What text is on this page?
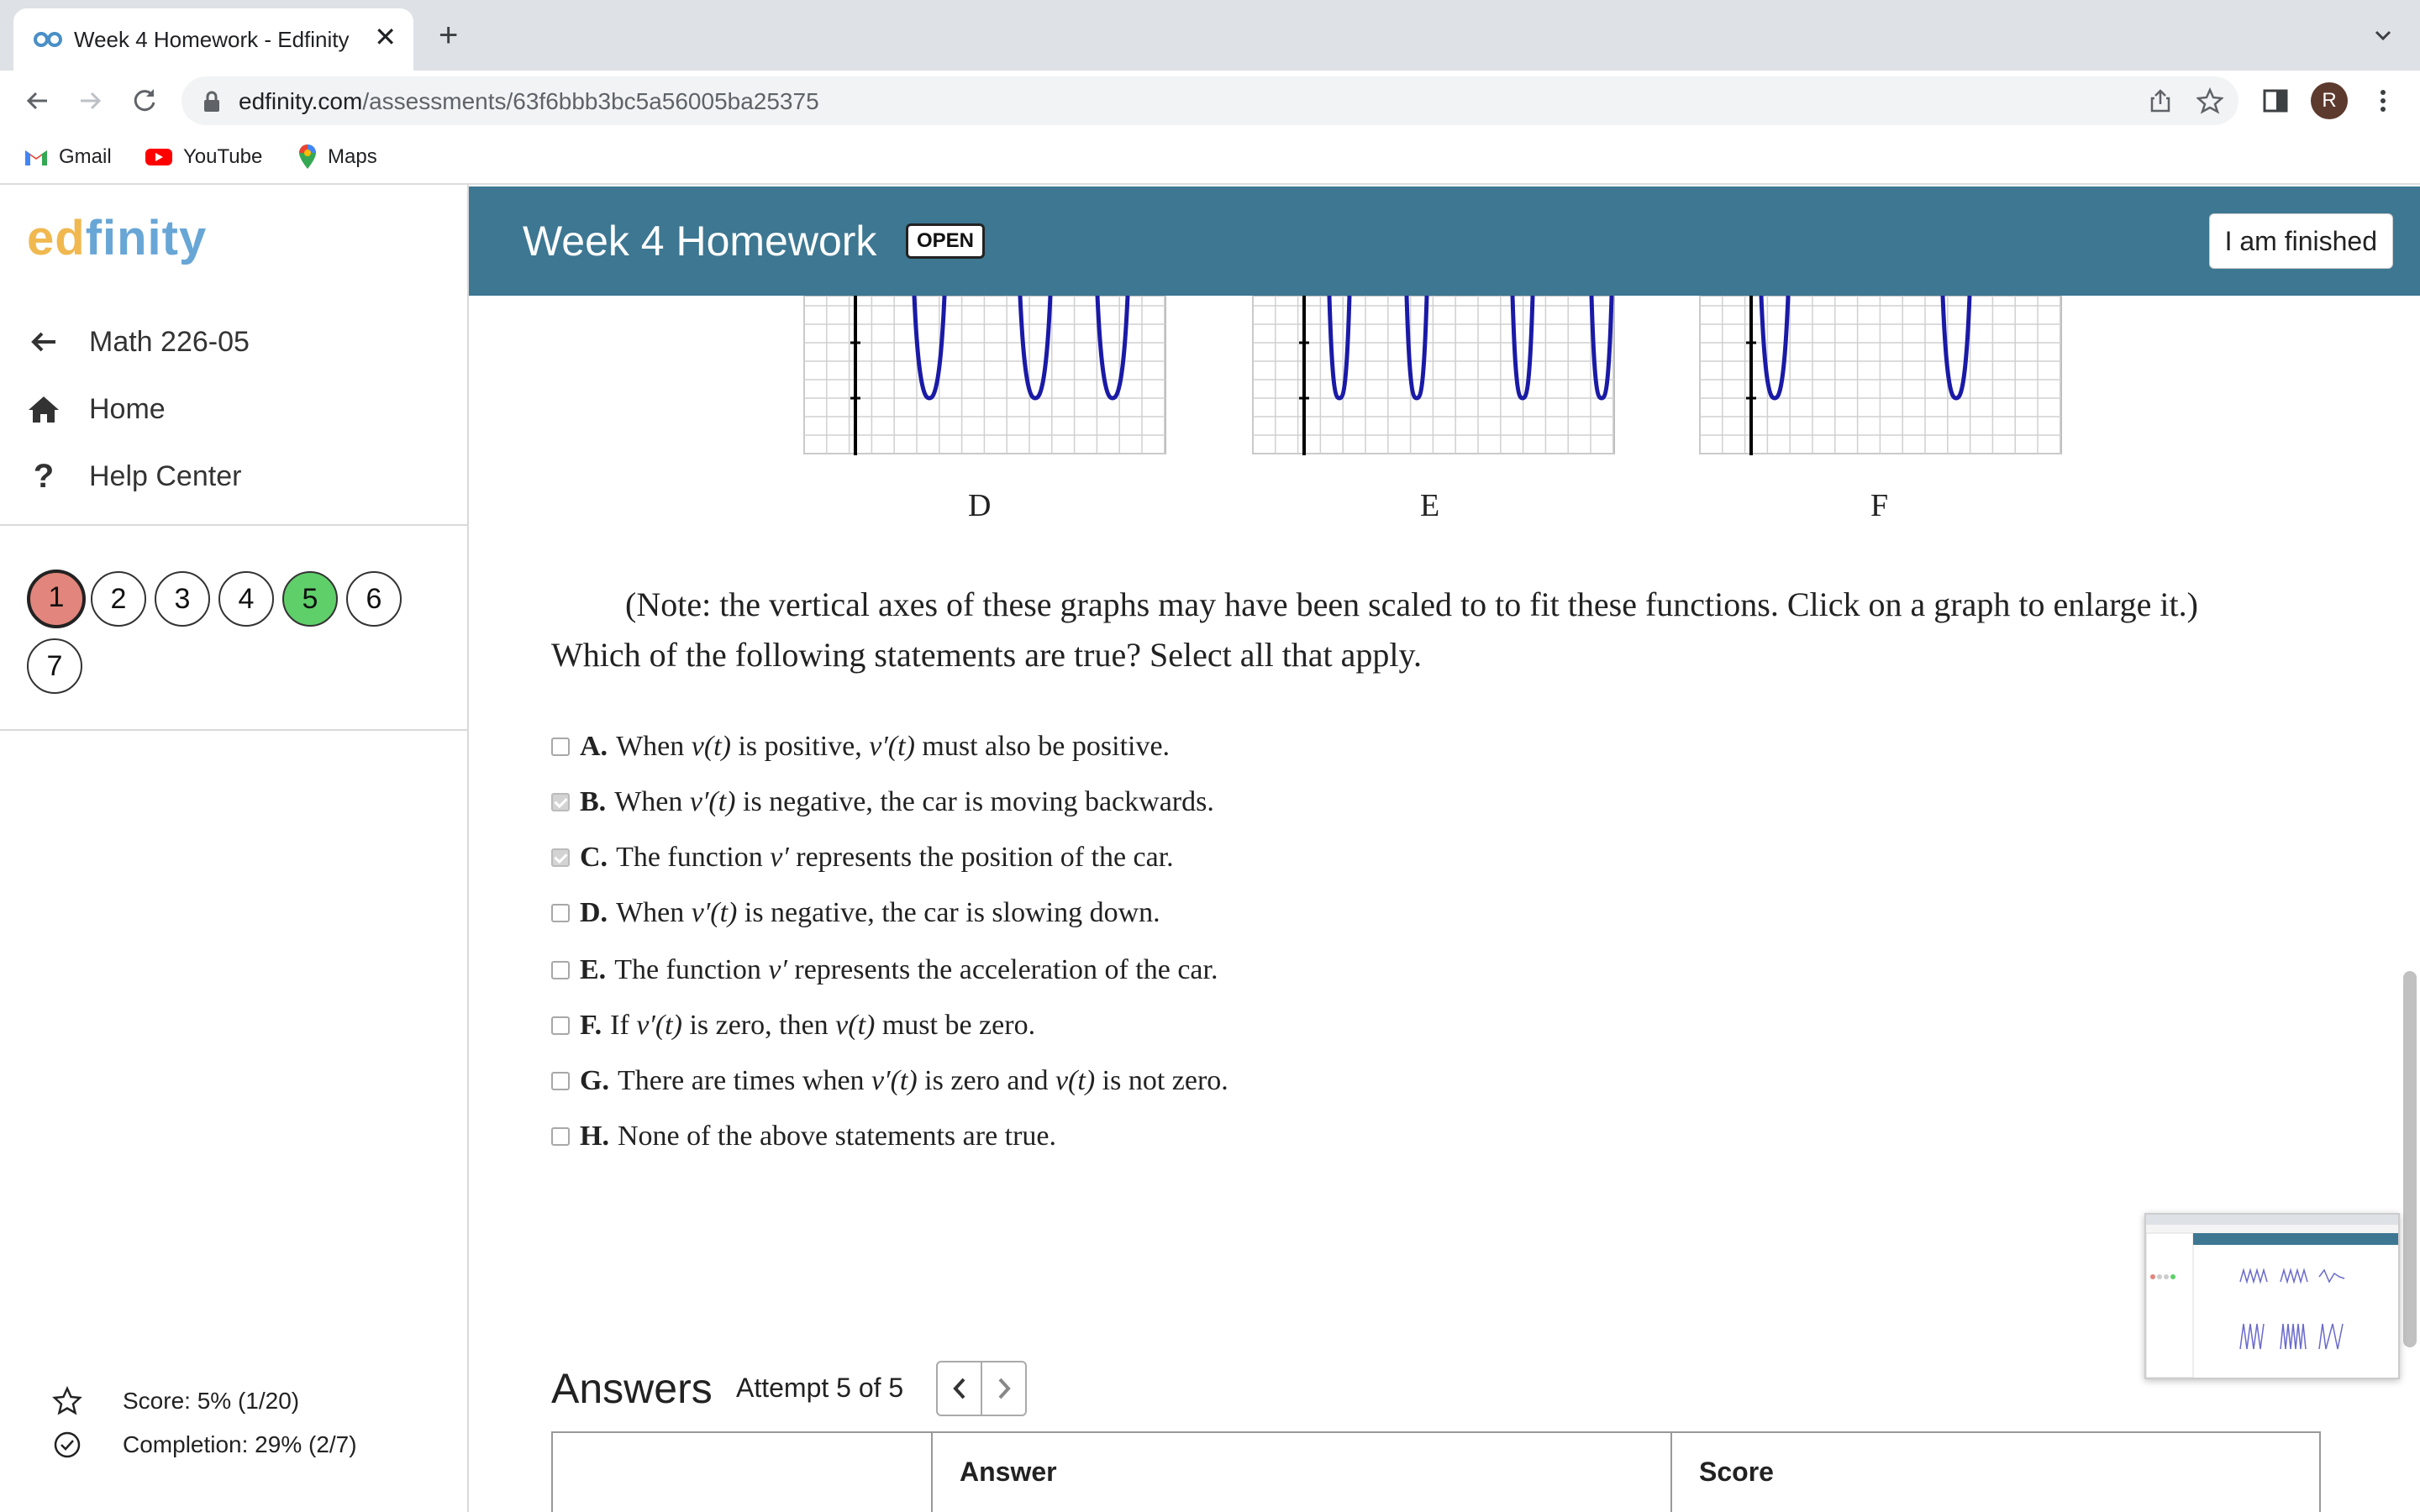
Week 4 Homework - Edfinity ✕ +
edfinity.com/assessments/63f6bbb3bc5a56005ba25375	R
Gmail	YouTube	Maps
edfinity
Math 226-05
Home
? Help Center
1	2	3	4	5	6
7
Score: 5% (1/20)
Completion: 29% (2/7)
Week 4 Homework	OPEN	I am finished
D	E	F
(Note: the vertical axes of these graphs may have been scaled to to fit these functions. Click on a graph to enlarge it.)
Which of the following statements are true? Select all that apply.
A. When v(t) is positive, v′(t) must also be positive.
B. When v′(t) is negative, the car is moving backwards.
C. The function v′ represents the position of the car.
D. When v′(t) is negative, the car is slowing down.
E. The function v′ represents the acceleration of the car.
F. If v′(t) is zero, then v(t) must be zero.
G. There are times when v′(t) is zero and v(t) is not zero.
H. None of the above statements are true.
Answers Attempt 5 of 5
Answer	Score
